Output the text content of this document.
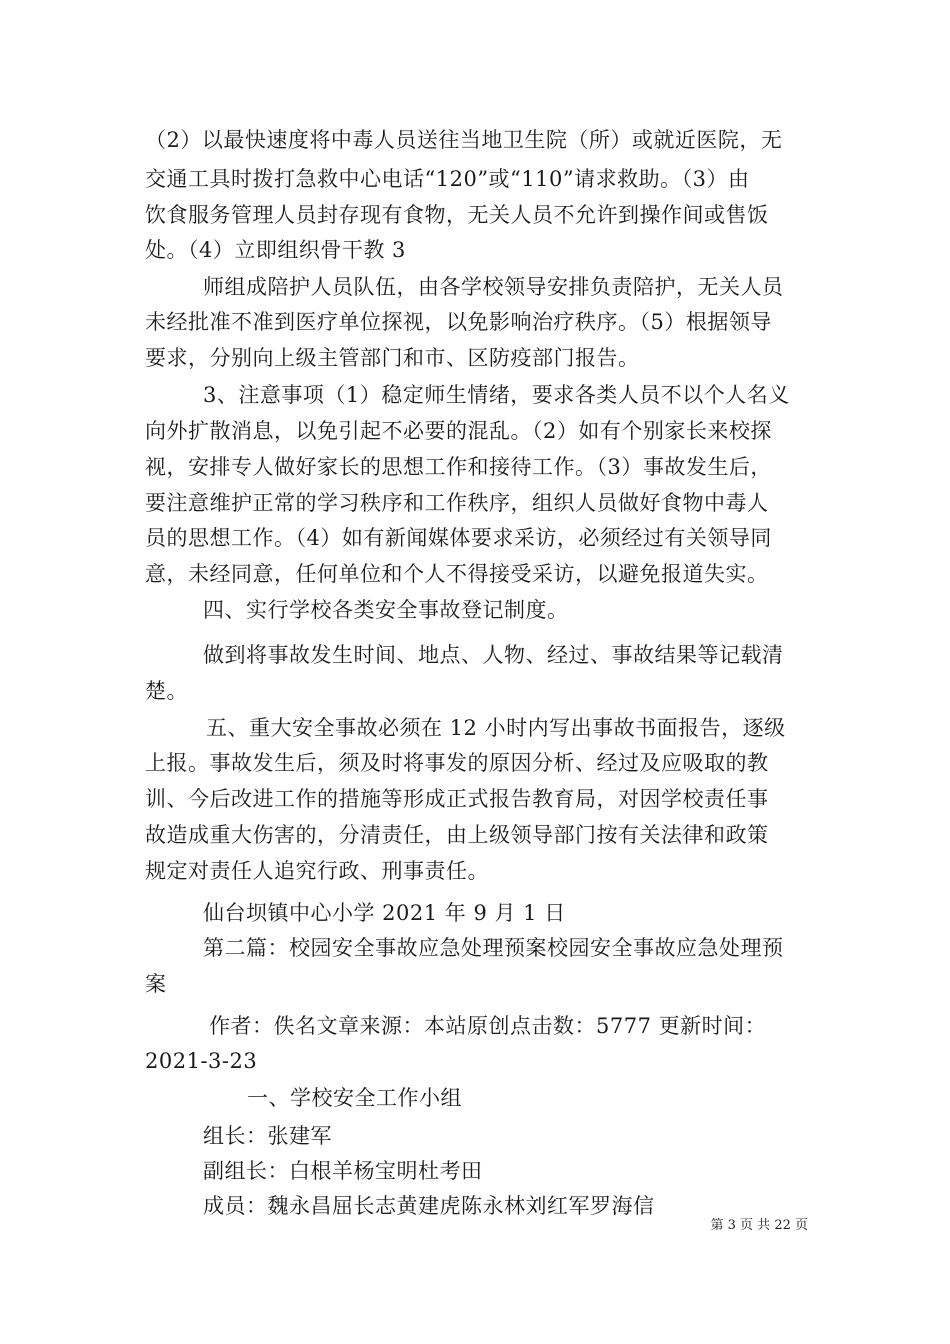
（2）以最快速度将中毒人员送往当地卫生院（所）或就近医院，无
交通工具时拨打急救中心电话“120”或“110”请求救助。（3）由
饮食服务管理人员封存现有食物，无关人员不允许到操作间或售饭
处。（4）立即组织骨干教 3
师组成陪护人员队伍，由各学校领导安排负责陪护，无关人员
未经批准不准到医疗单位探视，以免影响治疗秩序。（5）根据领导
要求，分别向上级主管部门和市、区防疫部门报告。
3、注意事项（1）稳定师生情绪，要求各类人员不以个人名义
向外扩散消息，以免引起不必要的混乱。（2）如有个别家长来校探
视，安排专人做好家长的思想工作和接待工作。（3）事故发生后，
要注意维护正常的学习秩序和工作秩序，组织人员做好食物中毒人
员的思想工作。（4）如有新闻媒体要求采访，必须经过有关领导同
意，未经同意，任何单位和个人不得接受采访，以避免报道失实。
四、实行学校各类安全事故登记制度。
做到将事故发生时间、地点、人物、经过、事故结果等记载清
楚。
五、重大安全事故必须在 12 小时内写出事故书面报告，逐级
上报。事故发生后，须及时将事发的原因分析、经过及应吸取的教
训、今后改进工作的措施等形成正式报告教育局，对因学校责任事
故造成重大伤害的，分清责任，由上级领导部门按有关法律和政策
规定对责任人追究行政、刑事责任。
仙台坝镇中心小学 2021 年 9 月 1 日
第二篇：校园安全事故应急处理预案校园安全事故应急处理预
案
作者：佚名文章来源：本站原创点击数：5777 更新时间：
2021-3-23
一、学校安全工作小组
组长：张建军
副组长：白根羊杨宝明杜考田
成员：魏永昌屈长志黄建虎陈永林刘红军罗海信
第 3 页 共 22 页
